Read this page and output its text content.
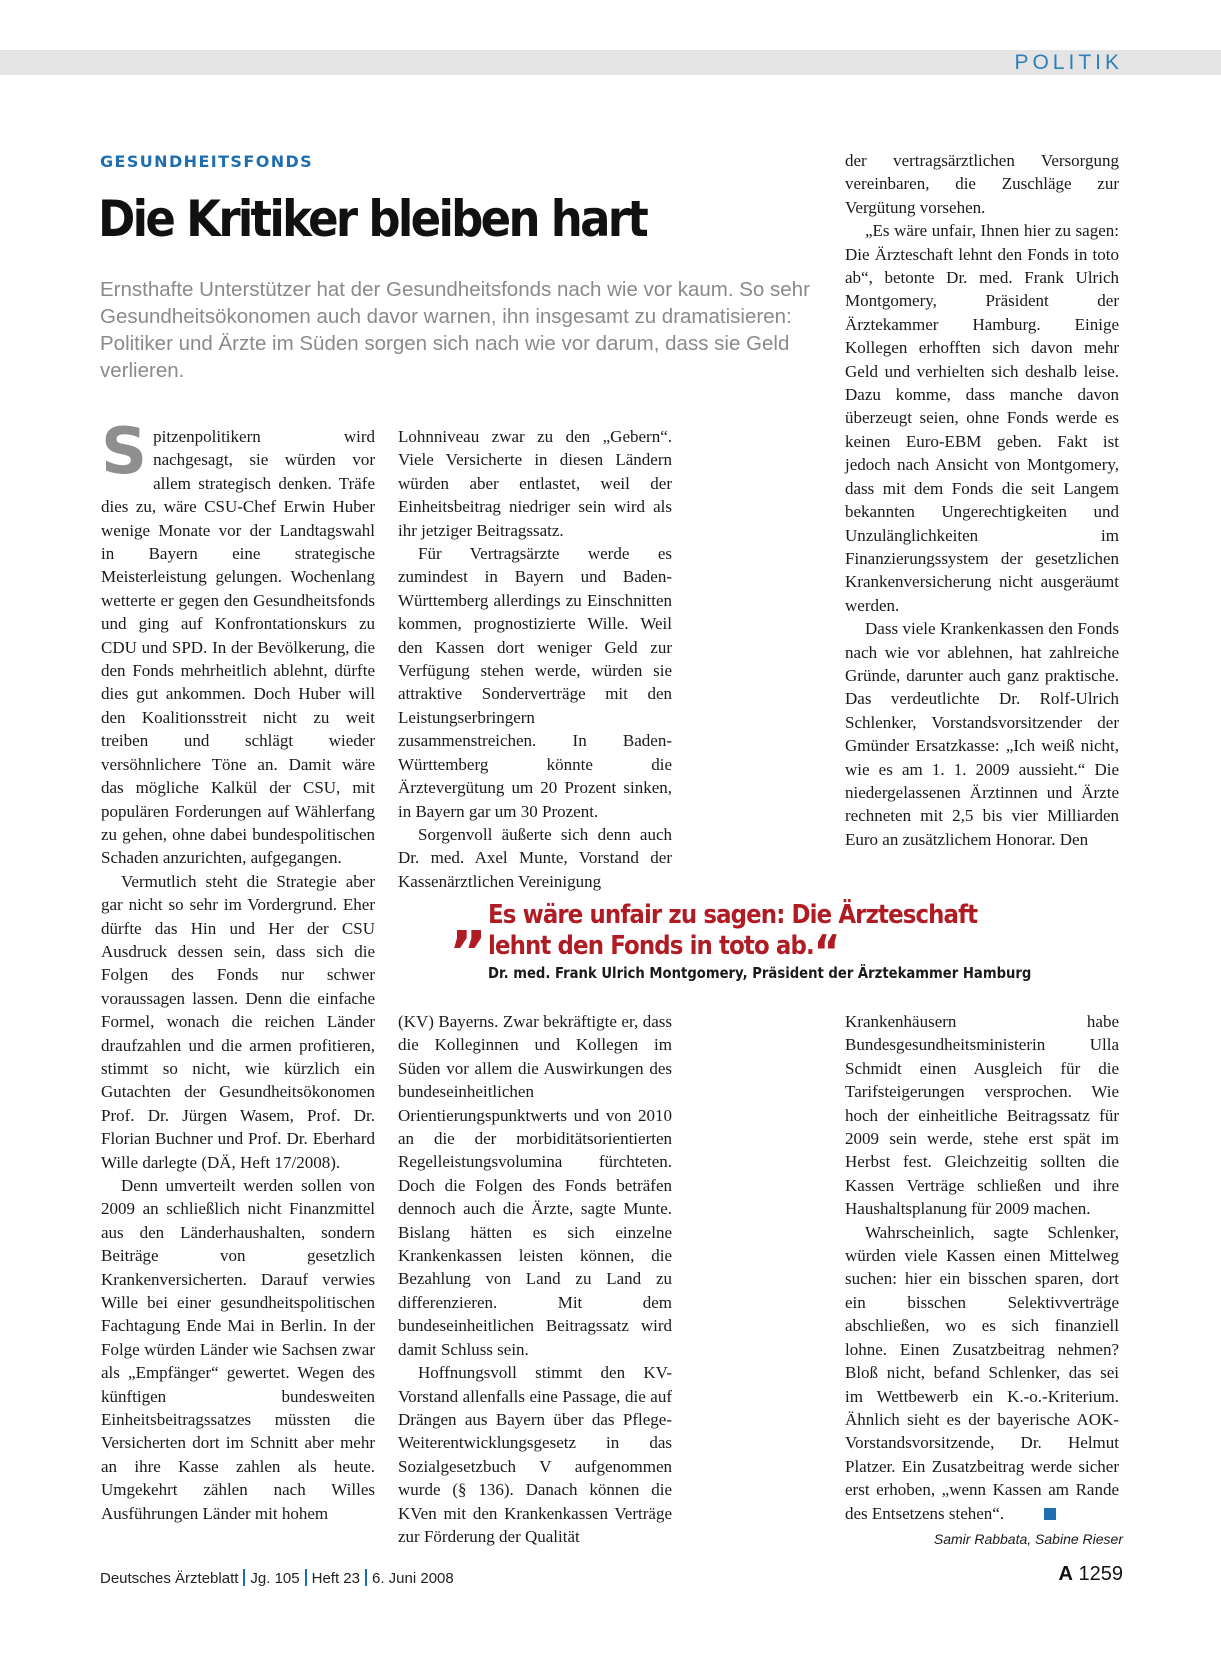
POLITIK
GESUNDHEITSFONDS
Die Kritiker bleiben hart

Ernsthafte Unterstützer hat der Gesundheitsfonds nach wie vor kaum. So sehr Gesundheitsökonomen auch davor warnen, ihn insgesamt zu dramatisieren: Politiker und Ärzte im Süden sorgen sich nach wie vor darum, dass sie Geld verlieren.

Spitzenpolitikern wird nachgesagt, sie würden vor allem strategisch denken. Träfe dies zu, wäre CSU-Chef Erwin Huber wenige Monate vor der Landtagswahl in Bayern eine strategische Meisterleistung gelungen. Wochenlang wetterte er gegen den Gesundheitsfonds und ging auf Konfrontationskurs zu CDU und SPD. In der Bevölkerung, die den Fonds mehrheitlich ablehnt, dürfte dies gut ankommen. Doch Huber will den Koalitionsstreit nicht zu weit treiben und schlägt wieder versöhnlichere Töne an. Damit wäre das mögliche Kalkül der CSU, mit populären Forderungen auf Wählerfang zu gehen, ohne dabei bundespolitischen Schaden anzurichten, aufgegangen.

Vermutlich steht die Strategie aber gar nicht so sehr im Vordergrund. Eher dürfte das Hin und Her der CSU Ausdruck dessen sein, dass sich die Folgen des Fonds nur schwer voraussagen lassen. Denn die einfache Formel, wonach die reichen Länder draufzahlen und die armen profitieren, stimmt so nicht, wie kürzlich ein Gutachten der Gesundheitsökonomen Prof. Dr. Jürgen Wasem, Prof. Dr. Florian Buchner und Prof. Dr. Eberhard Wille darlegte (DÄ, Heft 17/2008).

Denn umverteilt werden sollen von 2009 an schließlich nicht Finanzmittel aus den Länderhaushalten, sondern Beiträge von gesetzlich Krankenversicherten. Darauf verwies Wille bei einer gesundheitspolitischen Fachtagung Ende Mai in Berlin. In der Folge würden Länder wie Sachsen zwar als „Empfänger“ gewertet. Wegen des künftigen bundesweiten Einheitsbeitragssatzes müssten die Versicherten dort im Schnitt aber mehr an ihre Kasse zahlen als heute. Umgekehrt zählen nach Willes Ausführungen Länder mit hohem

Lohnniveau zwar zu den „Gebern“. Viele Versicherte in diesen Ländern würden aber entlastet, weil der Einheitsbeitrag niedriger sein wird als ihr jetziger Beitragssatz.

Für Vertragsärzte werde es zumindest in Bayern und Baden-Württemberg allerdings zu Einschnitten kommen, prognostizierte Wille. Weil den Kassen dort weniger Geld zur Verfügung stehen werde, würden sie attraktive Sonderverträge mit den Leistungserbringern zusammenstreichen. In Baden-Württemberg könnte die Ärztevergütung um 20 Prozent sinken, in Bayern gar um 30 Prozent.

Sorgenvoll äußerte sich denn auch Dr. med. Axel Munte, Vorstand der Kassenärztlichen Vereinigung

der vertragsärztlichen Versorgung vereinbaren, die Zuschläge zur Vergütung vorsehen.

„Es wäre unfair, Ihnen hier zu sagen: Die Ärzteschaft lehnt den Fonds in toto ab“, betonte Dr. med. Frank Ulrich Montgomery, Präsident der Ärztekammer Hamburg. Einige Kollegen erhofften sich davon mehr Geld und verhielten sich deshalb leise. Dazu komme, dass manche davon überzeugt seien, ohne Fonds werde es keinen Euro-EBM geben. Fakt ist jedoch nach Ansicht von Montgomery, dass mit dem Fonds die seit Langem bekannten Ungerechtigkeiten und Unzulänglichkeiten im Finanzierungssystem der gesetzlichen Krankenversicherung nicht ausgeräumt werden.

Dass viele Krankenkassen den Fonds nach wie vor ablehnen, hat zahlreiche Gründe, darunter auch ganz praktische. Das verdeutlichte Dr. Rolf-Ulrich Schlenker, Vorstandsvorsitzender der Gmünder Ersatzkasse: „Ich weiß nicht, wie es am 1. 1. 2009 aussieht.“ Die niedergelassenen Ärztinnen und Ärzte rechneten mit 2,5 bis vier Milliarden Euro an zusätzlichem Honorar. Den

„ Es wäre unfair zu sagen: Die Ärzteschaft lehnt den Fonds in toto ab.“
Dr. med. Frank Ulrich Montgomery, Präsident der Ärztekammer Hamburg

(KV) Bayerns. Zwar bekräftigte er, dass die Kolleginnen und Kollegen im Süden vor allem die Auswirkungen des bundeseinheitlichen Orientierungspunktwerts und von 2010 an die der morbiditätsorientierten Regelleistungsvolumina fürchteten. Doch die Folgen des Fonds beträfen dennoch auch die Ärzte, sagte Munte. Bislang hätten es sich einzelne Krankenkassen leisten können, die Bezahlung von Land zu Land zu differenzieren. Mit dem bundeseinheitlichen Beitragssatz wird damit Schluss sein.

Hoffnungsvoll stimmt den KV-Vorstand allenfalls eine Passage, die auf Drängen aus Bayern über das Pflege-Weiterentwicklungsgesetz in das Sozialgesetzbuch V aufgenommen wurde (§ 136). Danach können die KVen mit den Krankenkassen Verträge zur Förderung der Qualität

Krankenhäusern habe Bundesgesundheitsministerin Ulla Schmidt einen Ausgleich für die Tarifsteigerungen versprochen. Wie hoch der einheitliche Beitragssatz für 2009 sein werde, stehe erst spät im Herbst fest. Gleichzeitig sollten die Kassen Verträge schließen und ihre Haushaltsplanung für 2009 machen.

Wahrscheinlich, sagte Schlenker, würden viele Kassen einen Mittelweg suchen: hier ein bisschen sparen, dort ein bisschen Selektivverträge abschließen, wo es sich finanziell lohne. Einen Zusatzbeitrag nehmen? Bloß nicht, befand Schlenker, das sei im Wettbewerb ein K.-o.-Kriterium. Ähnlich sieht es der bayerische AOK-Vorstandsvorsitzende, Dr. Helmut Platzer. Ein Zusatzbeitrag werde sicher erst erhoben, „wenn Kassen am Rande des Entsetzens stehen“.

Samir Rabbata, Sabine Rieser
Deutsches Ärzteblatt Jg. 105 Heft 23 6. Juni 2008	A 1259
